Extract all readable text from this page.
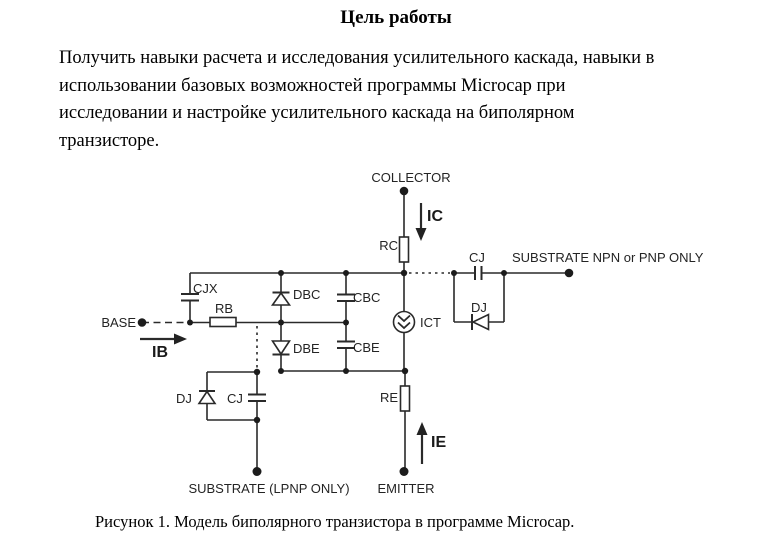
Цель работы
Получить навыки расчета и исследования усилительного каскада, навыки в
использовании базовых возможностей программы Microcap при
исследовании и настройке усилительного каскада на биполярном
транзисторе.
COLLECTOR
RC
IC
CJ	SUBSTRATE NPN or PNP ONLY
DJ
CJX
RB
BASE
IB
DBC	CBC
DBE	CBE
ICT
DJ	CJ	RE
IE
SUBSTRATE (LPNP ONLY)	EMITTER
Рисунок 1. Модель биполярного транзистора в программе Microcap.
